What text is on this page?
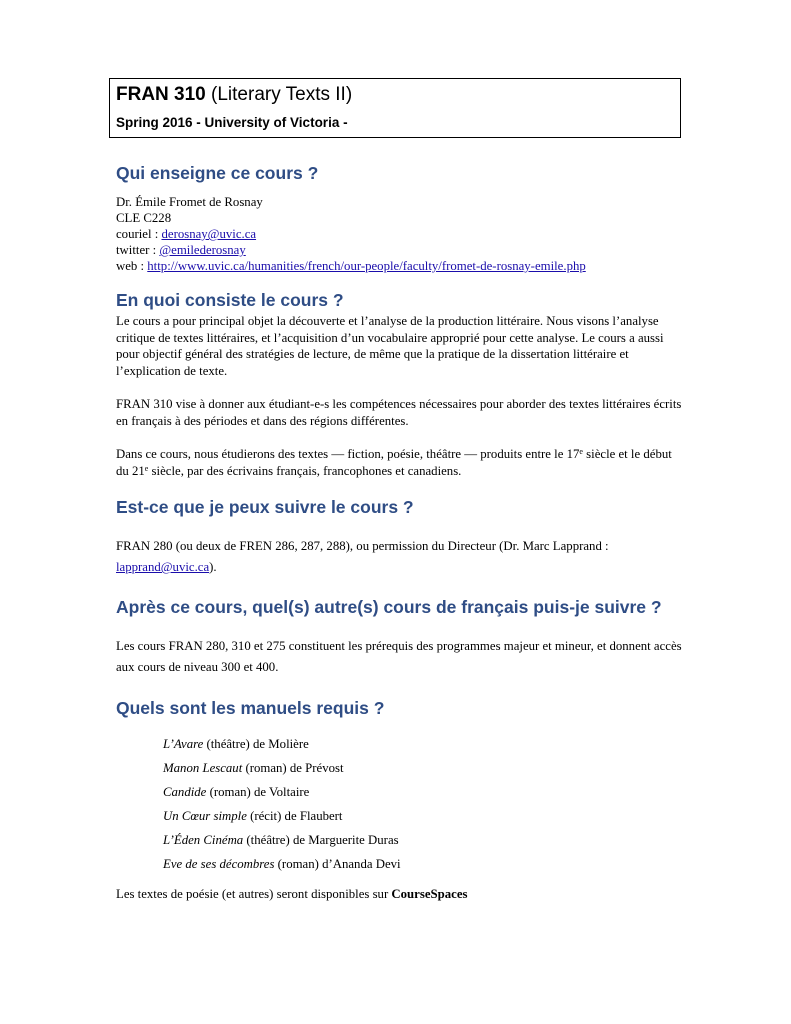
FRAN 310 (Literary Texts II)
Spring 2016 - University of Victoria -
Qui enseigne ce cours ?
Dr. Émile Fromet de Rosnay
CLE C228
couriel : derosnay@uvic.ca
twitter : @emilederosnay
web : http://www.uvic.ca/humanities/french/our-people/faculty/fromet-de-rosnay-emile.php
En quoi consiste le cours ?

Le cours a pour principal objet la découverte et l’analyse de la production littéraire. Nous visons l’analyse critique de textes littéraires, et l’acquisition d’un vocabulaire approprié pour cette analyse. Le cours a aussi pour objectif général des stratégies de lecture, de même que la pratique de la dissertation littéraire et l’explication de texte.

FRAN 310 vise à donner aux étudiant-e-s les compétences nécessaires pour aborder des textes littéraires écrits en français à des périodes et dans des régions différentes.

Dans ce cours, nous étudierons des textes — fiction, poésie, théâtre — produits entre le 17e siècle et le début du 21e siècle, par des écrivains français, francophones et canadiens.

Est-ce que je peux suivre le cours ?

FRAN 280 (ou deux de FREN 286, 287, 288), ou permission du Directeur (Dr. Marc Lapprand : lapprand@uvic.ca).

Après ce cours, quel(s) autre(s) cours de français puis-je suivre ?

Les cours FRAN 280, 310 et 275 constituent les prérequis des programmes majeur et mineur, et donnent accès aux cours de niveau 300 et 400.

Quels sont les manuels requis ?
L’Avare (théâtre) de Molière
Manon Lescaut (roman) de Prévost
Candide (roman) de Voltaire
Un Cœur simple (récit) de Flaubert
L’Éden Cinéma (théâtre) de Marguerite Duras
Eve de ses décombres (roman) d’Ananda Devi

Les textes de poésie (et autres) seront disponibles sur CourseSpaces
